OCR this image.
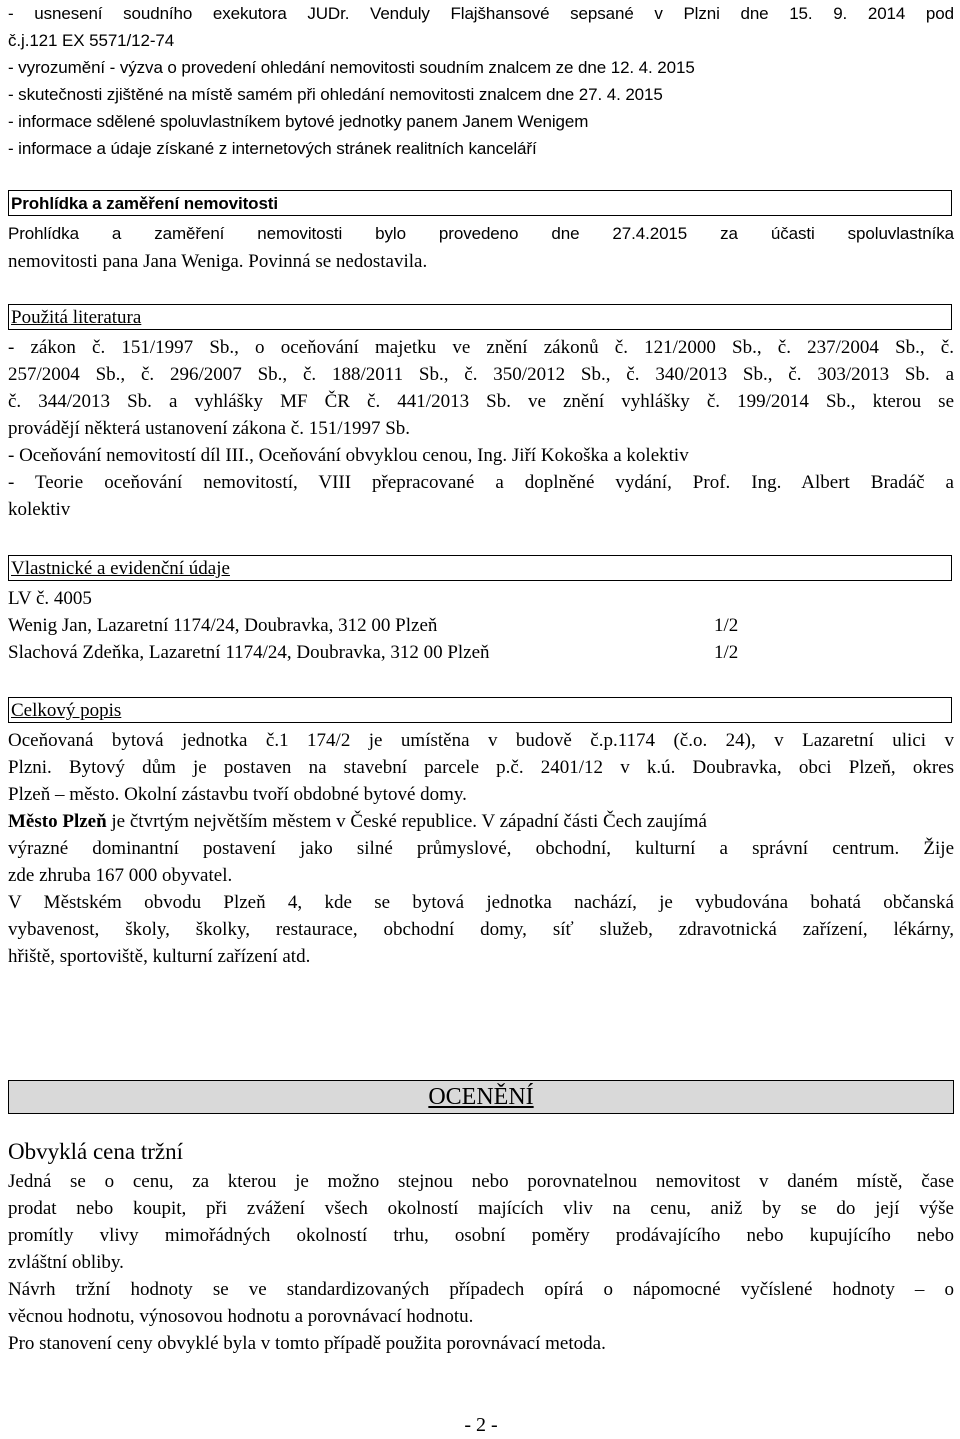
- usnesení soudního exekutora JUDr. Venduly Flajšhansové sepsané v Plzni dne 15. 9. 2014 pod
č.j.121 EX 5571/12-74
- vyrozumění - výzva o provedení ohledání nemovitosti soudním znalcem ze dne 12. 4. 2015
- skutečnosti zjištěné na místě samém při ohledání nemovitosti znalcem dne 27. 4. 2015
- informace sdělené spoluvlastníkem bytové jednotky panem Janem Wenigem
- informace a údaje získané z internetových stránek realitních kanceláří
Prohlídka a zaměření nemovitosti
Prohlídka a zaměření nemovitosti bylo provedeno dne 27.4.2015 za účasti spoluvlastníka
nemovitosti pana Jana Weniga. Povinná se nedostavila.
Použitá literatura
- zákon č. 151/1997 Sb., o oceňování majetku ve znění zákonů č. 121/2000 Sb., č. 237/2004 Sb., č.
257/2004 Sb., č. 296/2007 Sb., č. 188/2011 Sb., č. 350/2012 Sb., č. 340/2013 Sb., č. 303/2013 Sb. a
č. 344/2013 Sb. a vyhlášky MF ČR č. 441/2013 Sb. ve znění vyhlášky č. 199/2014 Sb., kterou se
provádějí některá ustanovení zákona č. 151/1997 Sb.
- Oceňování nemovitostí díl III., Oceňování obvyklou cenou, Ing. Jiří Kokoška a kolektiv
- Teorie oceňování nemovitostí, VIII přepracované a doplněné vydání, Prof. Ing. Albert Bradáč a
kolektiv
Vlastnické a evidenční údaje
LV č. 4005
Wenig Jan, Lazaretní 1174/24, Doubravka, 312 00 Plzeň	1/2
Slachová Zdeňka, Lazaretní 1174/24, Doubravka, 312 00 Plzeň	1/2
Celkový popis
Oceňovaná bytová jednotka č.1 174/2 je umístěna v budově č.p.1174 (č.o. 24), v Lazaretní ulici v
Plzni. Bytový dům je postaven na stavební parcele p.č. 2401/12 v k.ú. Doubravka, obci Plzeň, okres
Plzeň – město. Okolní zástavbu tvoří obdobné bytové domy.
Město Plzeň je čtvrtým největším městem v České republice. V západní části Čech zaujímá
výrazné dominantní postavení jako silné průmyslové, obchodní, kulturní a správní centrum. Žije
zde zhruba 167 000 obyvatel.
V Městském obvodu Plzeň 4, kde se bytová jednotka nachází, je vybudována bohatá občanská
vybavenost, školy, školky, restaurace, obchodní domy, síť služeb, zdravotnická zařízení, lékárny,
hřiště, sportoviště, kulturní zařízení atd.
OCENĚNÍ
Obvyklá cena tržní
Jedná se o cenu, za kterou je možno stejnou nebo porovnatelnou nemovitost v daném místě, čase
prodat nebo koupit, při zvážení všech okolností majících vliv na cenu, aniž by se do její výše
promítly vlivy mimořádných okolností trhu, osobní poměry prodávajícího nebo kupujícího nebo
zvláštní obliby.
Návrh tržní hodnoty se ve standardizovaných případech opírá o nápomocné vyčíslené hodnoty – o
věcnou hodnotu, výnosovou hodnotu a porovnávací hodnotu.
Pro stanovení ceny obvyklé byla v tomto případě použita porovnávací metoda.
- 2 -
